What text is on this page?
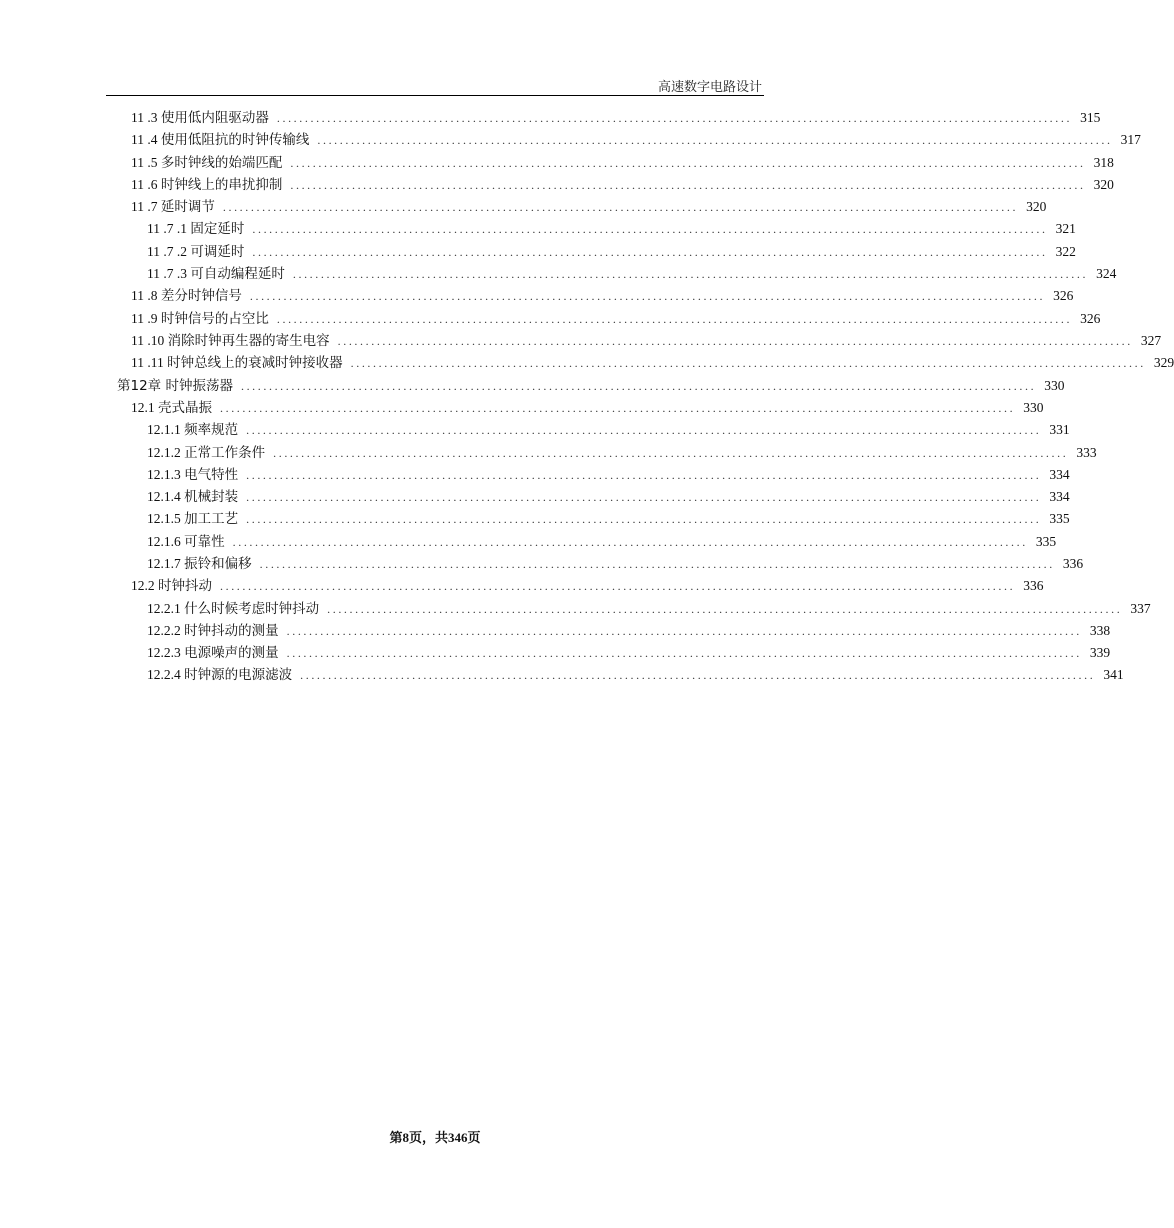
高速数字电路设计
11 .3 使用低内阻驱动器 .............................................................................................................................................. 315
11 .4 使用低阻抗的时钟传输线 .............................................................................................................................................. 317
11 .5 多时钟线的始端匹配 .............................................................................................................................................. 318
11 .6 时钟线上的串扰抑制 .............................................................................................................................................. 320
11 .7 延时调节 .............................................................................................................................................. 320
11 .7 .1 固定延时 .............................................................................................................................................. 321
11 .7 .2 可调延时 .............................................................................................................................................. 322
11 .7 .3 可自动编程延时 .............................................................................................................................................. 324
11 .8 差分时钟信号 .............................................................................................................................................. 326
11 .9 时钟信号的占空比 .............................................................................................................................................. 326
11 .10 消除时钟再生器的寄生电容 .............................................................................................................................................. 327
11 .11 时钟总线上的衰减时钟接收器 .............................................................................................................................................. 329
第12章 时钟振荡器 .............................................................................................................................................. 330
12.1 壳式晶振 .............................................................................................................................................. 330
12.1.1 频率规范 .............................................................................................................................................. 331
12.1.2 正常工作条件 .............................................................................................................................................. 333
12.1.3 电气特性 .............................................................................................................................................. 334
12.1.4 机械封装 .............................................................................................................................................. 334
12.1.5 加工工艺 .............................................................................................................................................. 335
12.1.6 可靠性 .............................................................................................................................................. 335
12.1.7 振铃和偏移 .............................................................................................................................................. 336
12.2 时钟抖动 .............................................................................................................................................. 336
12.2.1 什么时候考虑时钟抖动 .............................................................................................................................................. 337
12.2.2 时钟抖动的测量 .............................................................................................................................................. 338
12.2.3 电源噪声的测量 .............................................................................................................................................. 339
12.2.4 时钟源的电源滤波 .............................................................................................................................................. 341
第8页，共346页
